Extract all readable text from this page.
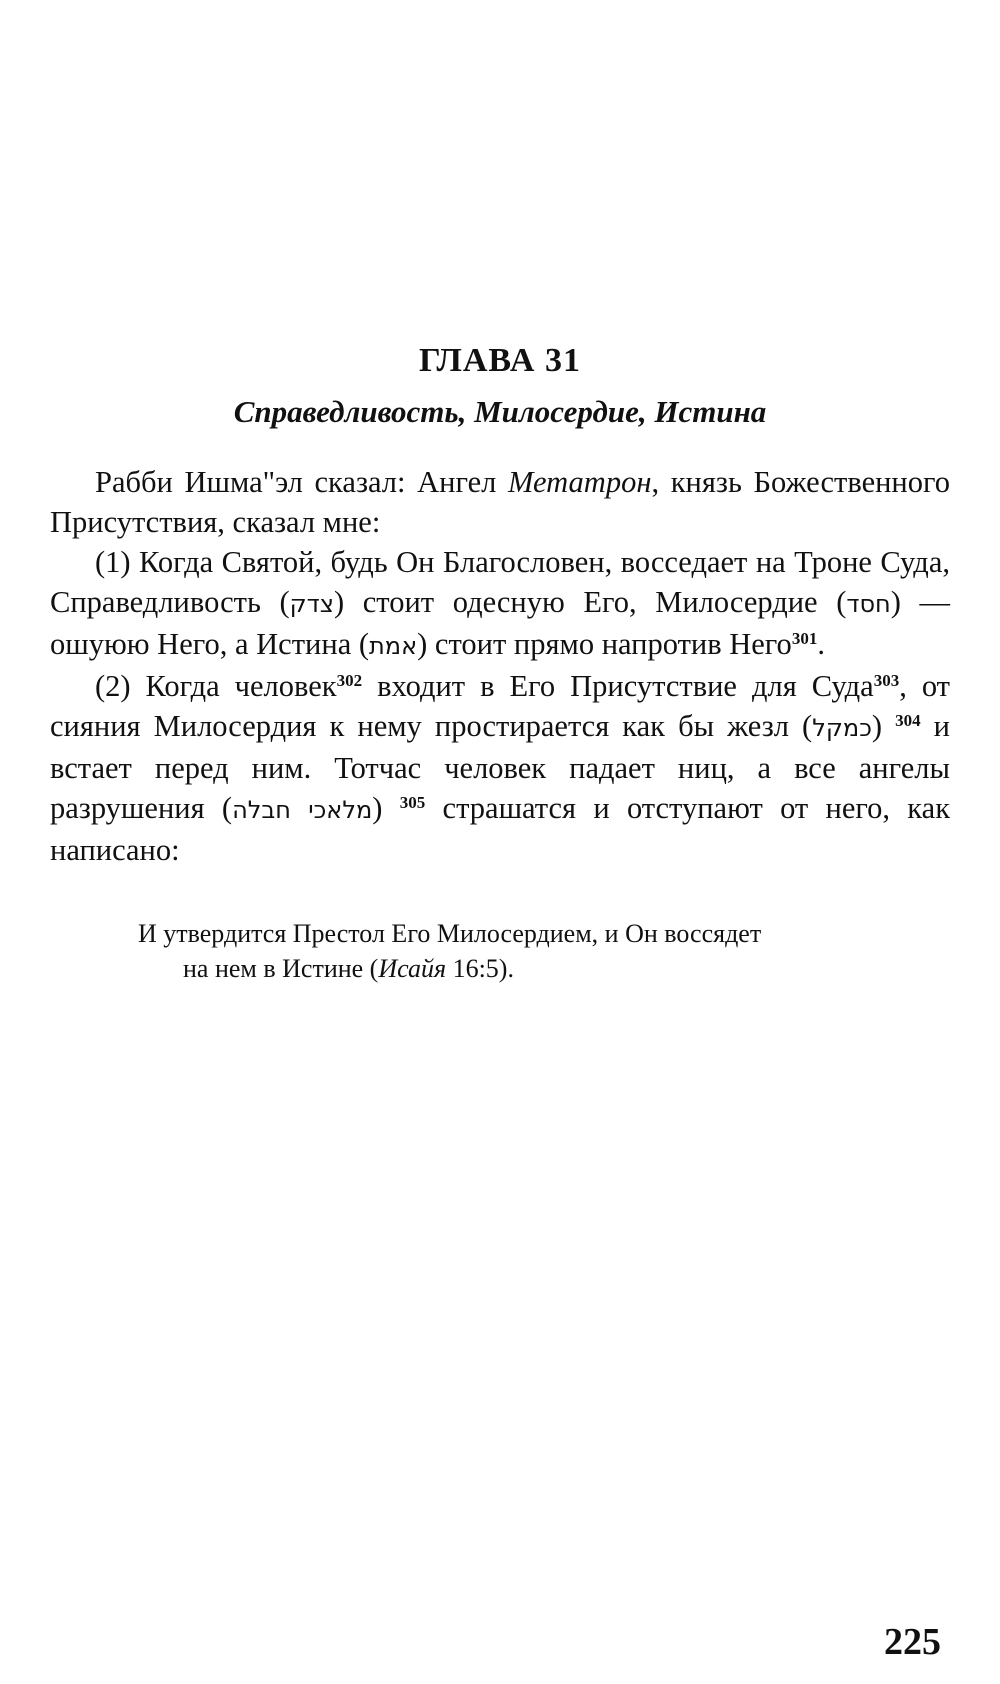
ГЛАВА 31
Справедливость, Милосердие, Истина

Рабби Ишма"эл сказал: Ангел Метатрон, князь Божественного Присутствия, сказал мне:

(1) Когда Святой, будь Он Благословен, восседает на Троне Суда, Справедливость (צדק) стоит одесную Его, Милосердие (חסד) — ошуюю Него, а Истина (אמת) стоит прямо напротив Него$^{301}$.

(2) Когда человек$^{302}$ входит в Его Присутствие для Суда$^{303}$, от сияния Милосердия к нему простирается как бы жезл (כמקל) $^{304}$ и встает перед ним. Тотчас человек падает ниц, а все ангелы разрушения (מלאכי חבלה) $^{305}$ страшатся и отступают от него, как написано:

И утвердится Престол Его Милосердием, и Он воссядет
на нем в Истине (Исайя 16:5).
225
